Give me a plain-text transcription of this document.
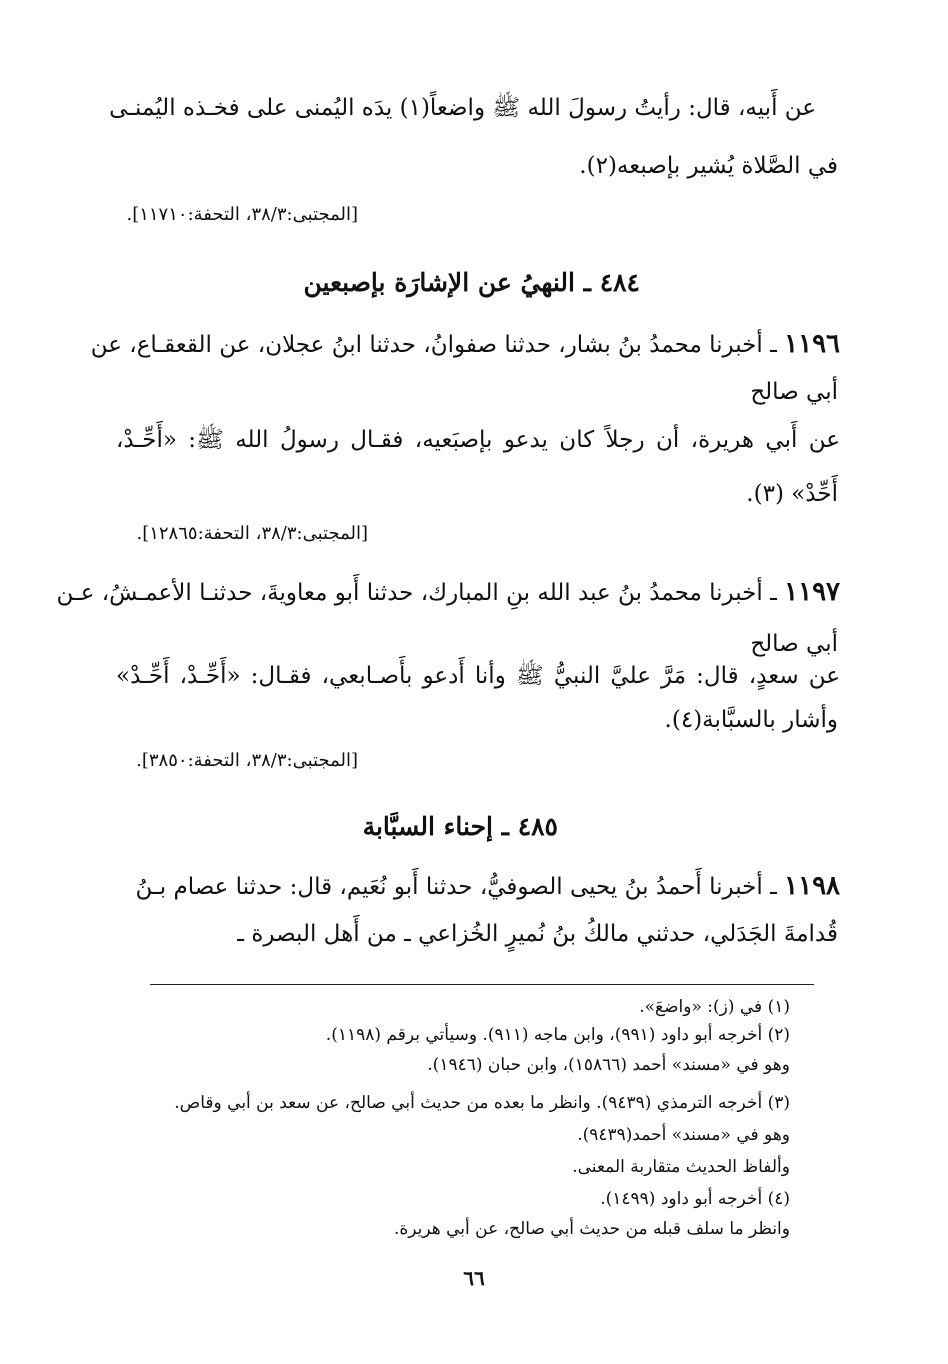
عن أَبيه، قال: رأيتُ رسولَ الله ﷺ واضعاً(١) يدَه اليُمنى على فخـذه اليُمنـى
في الصَّلاة يُشير بإصبعه(٢).
[المجتبى:٣٨/٣، التحفة:١١٧١٠].
٤٨٤ ـ النهيُ عن الإشارَة بإصبعين
١١٩٦ ـ أخبرنا محمدُ بنُ بشار، حدثنا صفوانُ، حدثنا ابنُ عجلان، عن القعقـاع، عن
أبي صالح
عن أَبي هريرة، أن رجلاً كان يدعو بإصبَعيه، فقـال رسولُ الله ﷺ: «أَحِّـدْ،
أَحِّدْ» (٣).
[المجتبى:٣٨/٣، التحفة:١٢٨٦٥].
١١٩٧ ـ أخبرنا محمدُ بنُ عبد الله بنِ المبارك، حدثنا أَبو معاويةَ، حدثنـا الأعمـشُ، عـن
أبي صالح
عن سعدٍ، قال: مَرَّ عليَّ النبيُّ ﷺ وأنا أَدعو بأَصـابعي، فقـال: «أَحِّـدْ، أَحِّـدْ»
وأشار بالسبَّابة(٤).
[المجتبى:٣٨/٣، التحفة:٣٨٥٠].
٤٨٥ ـ إحناء السبَّابة
١١٩٨ ـ أخبرنا أَحمدُ بنُ يحيى الصوفيُّ، حدثنا أَبو نُعَيم، قال: حدثنا عصام بـنُ
قُدامةَ الجَدَلي، حدثني مالكُ بنُ نُميرٍ الخُزاعي ـ من أَهل البصرة ـ
(١) في (ز): «واضعَ».
(٢) أخرجه أبو داود (٩٩١)، وابن ماجه (٩١١). وسيأتي برقم (١١٩٨).
وهو في «مسند» أحمد (١٥٨٦٦)، وابن حبان (١٩٤٦).
(٣) أخرجه الترمذي (٩٤٣٩). وانظر ما بعده من حديث أبي صالح، عن سعد بن أبي وقاص.
وهو في «مسند» أحمد(٩٤٣٩).
وألفاظ الحديث متقاربة المعنى.
(٤) أخرجه أبو داود (١٤٩٩).
وانظر ما سلف قبله من حديث أبي صالح، عن أبي هريرة.
٦٦
